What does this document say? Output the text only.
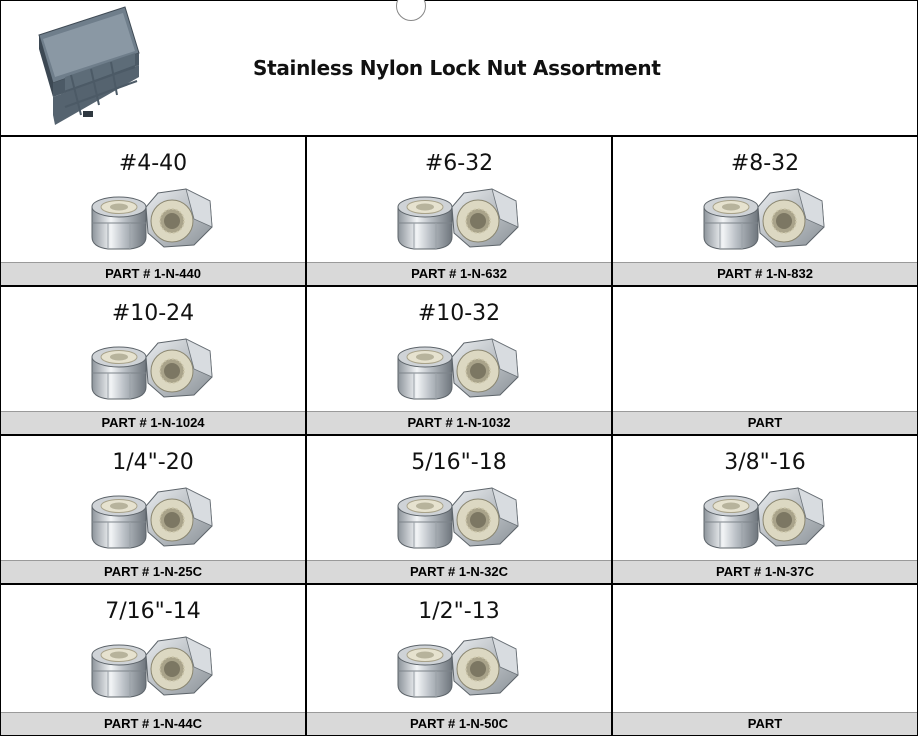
Stainless Nylon Lock Nut Assortment
#4-40
PART # 1-N-440
#6-32
PART # 1-N-632
#8-32
PART # 1-N-832
#10-24
PART # 1-N-1024
#10-32
PART # 1-N-1032	PART
1/4"-20
PART # 1-N-25C
5/16"-18
PART # 1-N-32C
3/8"-16
PART # 1-N-37C
7/16"-14
PART # 1-N-44C
1/2"-13
PART # 1-N-50C	PART
